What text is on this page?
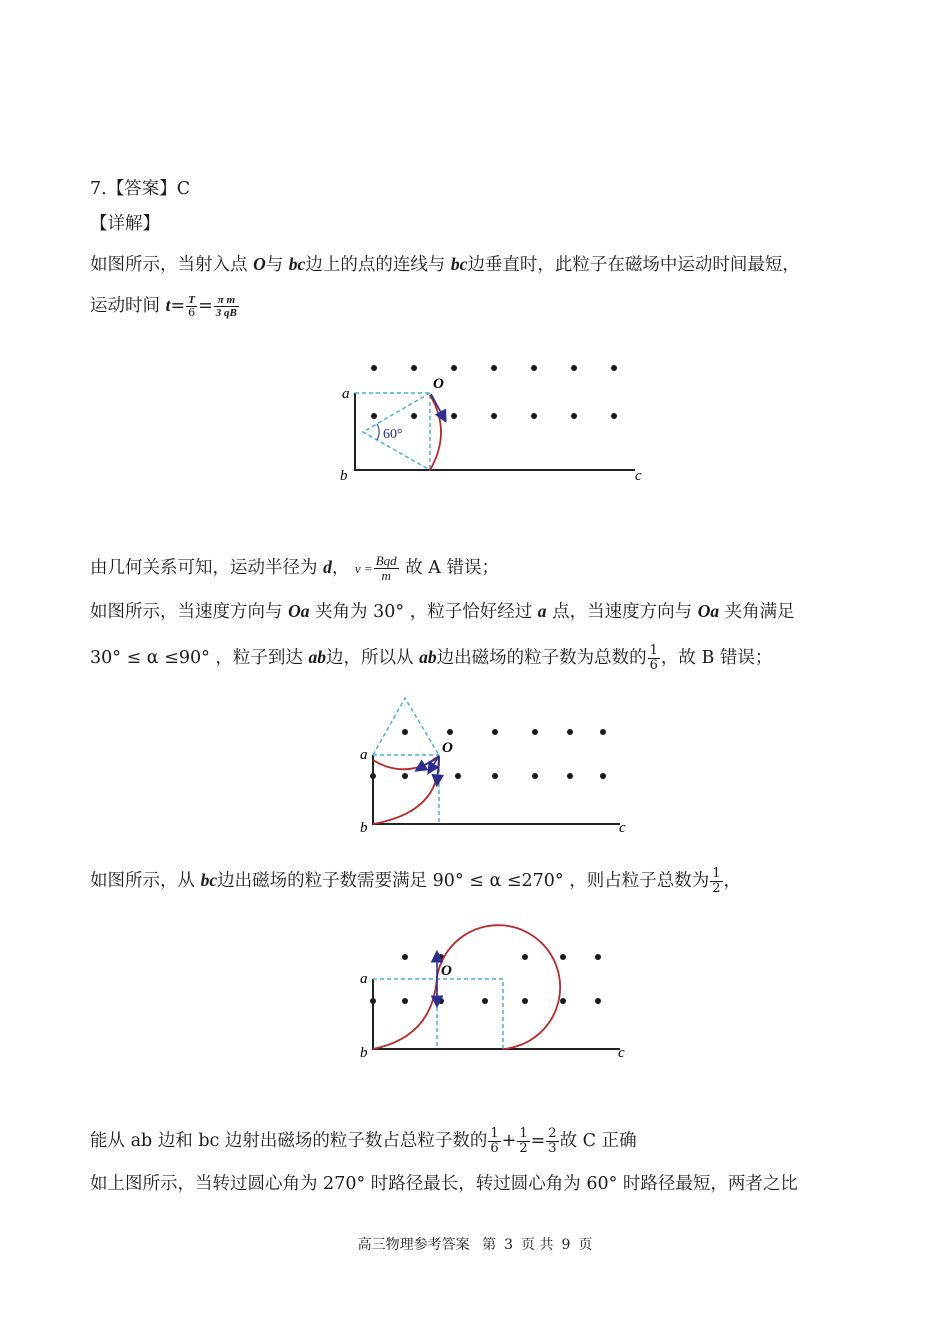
7.【答案】C
【详解】
如图所示，当射入点 O与 bc边上的点的连线与 bc边垂直时，此粒子在磁场中运动时间最短，
运动时间 $t= \frac{T}{6} = \frac{\text{π m}}{3 qB}$
a
b	c
O
60°
由几何关系可知，运动半径为 d， $v = \frac{\text{Bqd}}{m}$ 故 A 错误；
如图所示，当速度方向与 Oa 夹角为 30° ，粒子恰好经过 a 点，当速度方向与 Oa 夹角满足
30° ≤ α ≤90° ，粒子到达 ab边，所以从 ab边出磁场的粒子数为总数的 $\frac{1}{6}$ ，故 B 错误；
a
b	c
O
如图所示，从 bc边出磁场的粒子数需要满足 90° ≤ α ≤270° ，则占粒子总数为 $\frac{1}{2}$ ，
a
b	c
O
能从 ab 边和 bc 边射出磁场的粒子数占总粒子数的 $\frac{1}{6} + \frac{1}{2} = \frac{2}{3}$ 故 C 正确
如上图所示，当转过圆心角为 270° 时路径最长，转过圆心角为 60° 时路径最短，两者之比
高三物理参考答案 第 3 页 共 9 页
